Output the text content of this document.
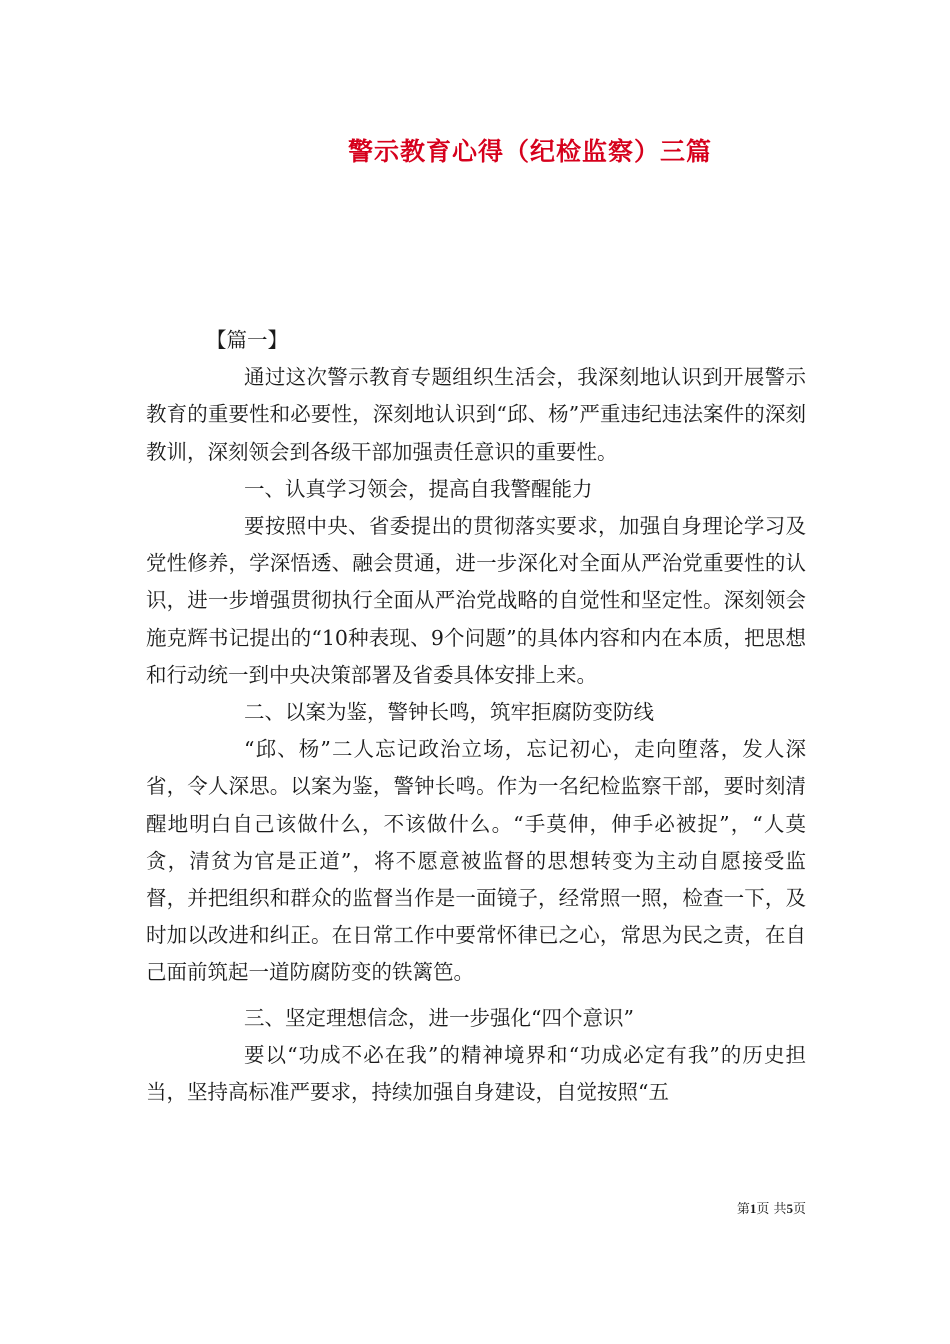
警示教育心得（纪检监察）三篇

【篇一】

通过这次警示教育专题组织生活会，我深刻地认识到开展警示教育的重要性和必要性，深刻地认识到“邱、杨”严重违纪违法案件的深刻教训，深刻领会到各级干部加强责任意识的重要性。

一、认真学习领会，提高自我警醒能力

要按照中央、省委提出的贯彻落实要求，加强自身理论学习及党性修养，学深悟透、融会贯通，进一步深化对全面从严治党重要性的认识，进一步增强贯彻执行全面从严治党战略的自觉性和坚定性。深刻领会施克辉书记提出的“10种表现、9个问题”的具体内容和内在本质，把思想和行动统一到中央决策部署及省委具体安排上来。

二、以案为鉴，警钟长鸣，筑牢拒腐防变防线

“邱、杨”二人忘记政治立场，忘记初心，走向堕落，发人深省，令人深思。以案为鉴，警钟长鸣。作为一名纪检监察干部，要时刻清醒地明白自己该做什么，不该做什么。“手莫伸，伸手必被捉”，“人莫贪，清贫为官是正道”，将不愿意被监督的思想转变为主动自愿接受监督，并把组织和群众的监督当作是一面镜子，经常照一照，检查一下，及时加以改进和纠正。在日常工作中要常怀律已之心，常思为民之责，在自己面前筑起一道防腐防变的铁篱笆。

三、坚定理想信念，进一步强化“四个意识”

要以“功成不必在我”的精神境界和“功成必定有我”的历史担当，坚持高标准严要求，持续加强自身建设，自觉按照“五

第1页 共5页
